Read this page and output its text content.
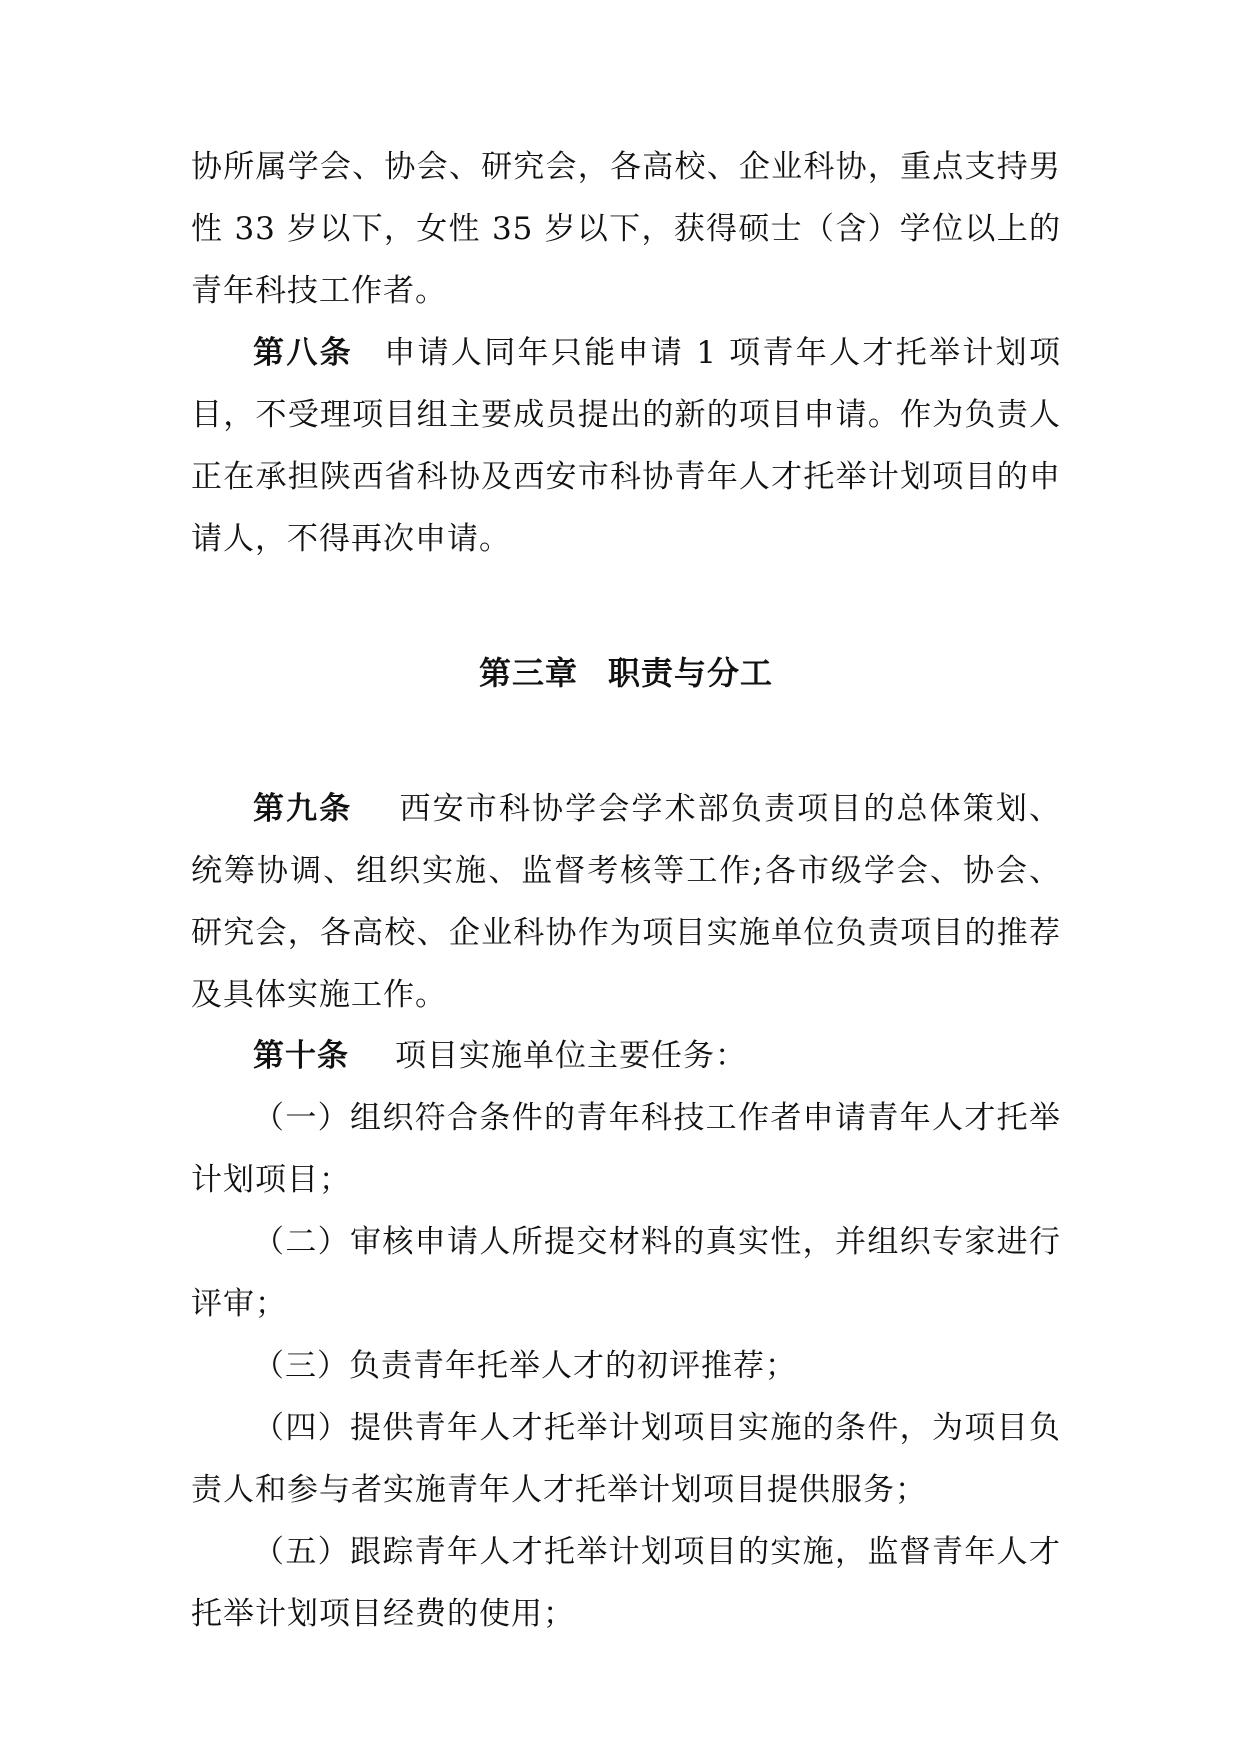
协所属学会、协会、研究会，各高校、企业科协，重点支持男性 33 岁以下，女性 35 岁以下，获得硕士（含）学位以上的青年科技工作者。

第八条 申请人同年只能申请 1 项青年人才托举计划项目，不受理项目组主要成员提出的新的项目申请。作为负责人正在承担陕西省科协及西安市科协青年人才托举计划项目的申请人，不得再次申请。

第三章 职责与分工

第九条 西安市科协学会学术部负责项目的总体策划、统筹协调、组织实施、监督考核等工作;各市级学会、协会、研究会，各高校、企业科协作为项目实施单位负责项目的推荐及具体实施工作。

第十条 项目实施单位主要任务：

（一）组织符合条件的青年科技工作者申请青年人才托举计划项目；

（二）审核申请人所提交材料的真实性，并组织专家进行评审；

（三）负责青年托举人才的初评推荐；

（四）提供青年人才托举计划项目实施的条件，为项目负责人和参与者实施青年人才托举计划项目提供服务；

（五）跟踪青年人才托举计划项目的实施，监督青年人才托举计划项目经费的使用；
